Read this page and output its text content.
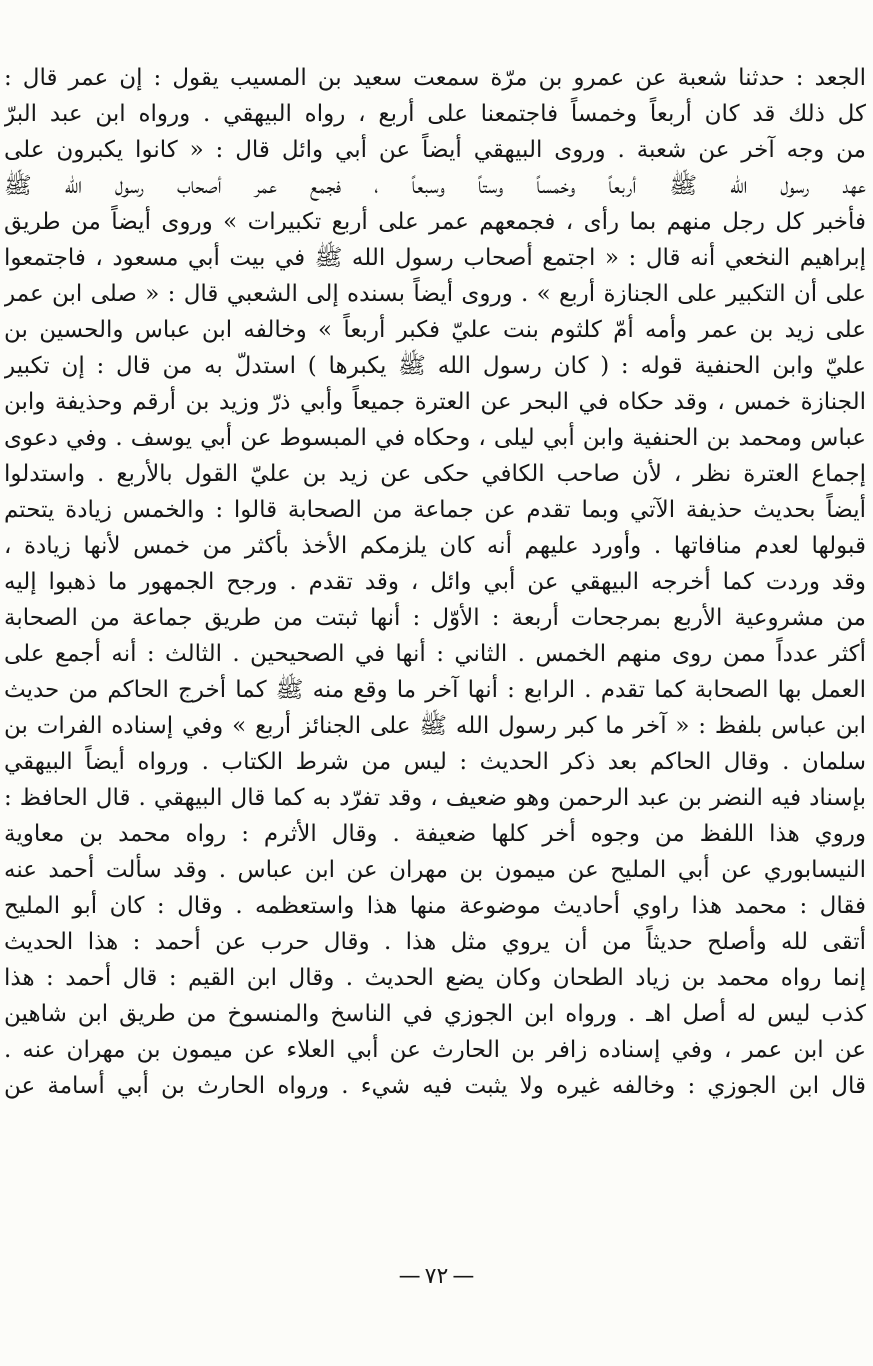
الجعد : حدثنا شعبة عن عمرو بن مرّة سمعت سعيد بن المسيب يقول : إن عمر قال :
كل ذلك قد كان أربعاً وخمساً فاجتمعنا على أربع ، رواه البيهقي . ورواه ابن عبد البرّ
من وجه آخر عن شعبة . وروى البيهقي أيضاً عن أبي وائل قال : « كانوا يكبرون على
عهد رسول الله ﷺ أربعاً وخمساً وستاً وسبعاً ، فجمع عمر أصحاب رسول الله ﷺ
فأخبر كل رجل منهم بما رأى ، فجمعهم عمر على أربع تكبيرات » وروى أيضاً من طريق
إبراهيم النخعي أنه قال : « اجتمع أصحاب رسول الله ﷺ في بيت أبي مسعود ، فاجتمعوا
على أن التكبير على الجنازة أربع » . وروى أيضاً بسنده إلى الشعبي قال : « صلى ابن عمر
على زيد بن عمر وأمه أمّ كلثوم بنت عليّ فكبر أربعاً » وخالفه ابن عباس والحسين بن
عليّ وابن الحنفية قوله : ( كان رسول الله ﷺ يكبرها ) استدلّ به من قال : إن تكبير
الجنازة خمس ، وقد حكاه في البحر عن العترة جميعاً وأبي ذرّ وزيد بن أرقم وحذيفة وابن
عباس ومحمد بن الحنفية وابن أبي ليلى ، وحكاه في المبسوط عن أبي يوسف . وفي دعوى
إجماع العترة نظر ، لأن صاحب الكافي حكى عن زيد بن عليّ القول بالأربع . واستدلوا
أيضاً بحديث حذيفة الآتي وبما تقدم عن جماعة من الصحابة قالوا : والخمس زيادة يتحتم
قبولها لعدم منافاتها . وأورد عليهم أنه كان يلزمكم الأخذ بأكثر من خمس لأنها زيادة ،
وقد وردت كما أخرجه البيهقي عن أبي وائل ، وقد تقدم . ورجح الجمهور ما ذهبوا إليه
من مشروعية الأربع بمرجحات أربعة : الأوّل : أنها ثبتت من طريق جماعة من الصحابة
أكثر عدداً ممن روى منهم الخمس . الثاني : أنها في الصحيحين . الثالث : أنه أجمع على
العمل بها الصحابة كما تقدم . الرابع : أنها آخر ما وقع منه ﷺ كما أخرج الحاكم من حديث
ابن عباس بلفظ : « آخر ما كبر رسول الله ﷺ على الجنائز أربع » وفي إسناده الفرات بن
سلمان . وقال الحاكم بعد ذكر الحديث : ليس من شرط الكتاب . ورواه أيضاً البيهقي
بإسناد فيه النضر بن عبد الرحمن وهو ضعيف ، وقد تفرّد به كما قال البيهقي . قال الحافظ :
وروي هذا اللفظ من وجوه أخر كلها ضعيفة . وقال الأثرم : رواه محمد بن معاوية
النيسابوري عن أبي المليح عن ميمون بن مهران عن ابن عباس . وقد سألت أحمد عنه
فقال : محمد هذا راوي أحاديث موضوعة منها هذا واستعظمه . وقال : كان أبو المليح
أتقى لله وأصلح حديثاً من أن يروي مثل هذا . وقال حرب عن أحمد : هذا الحديث
إنما رواه محمد بن زياد الطحان وكان يضع الحديث . وقال ابن القيم : قال أحمد : هذا
كذب ليس له أصل اهـ . ورواه ابن الجوزي في الناسخ والمنسوخ من طريق ابن شاهين
عن ابن عمر ، وفي إسناده زافر بن الحارث عن أبي العلاء عن ميمون بن مهران عنه .
قال ابن الجوزي : وخالفه غيره ولا يثبت فيه شيء . ورواه الحارث بن أبي أسامة عن
— ٧٢ —
